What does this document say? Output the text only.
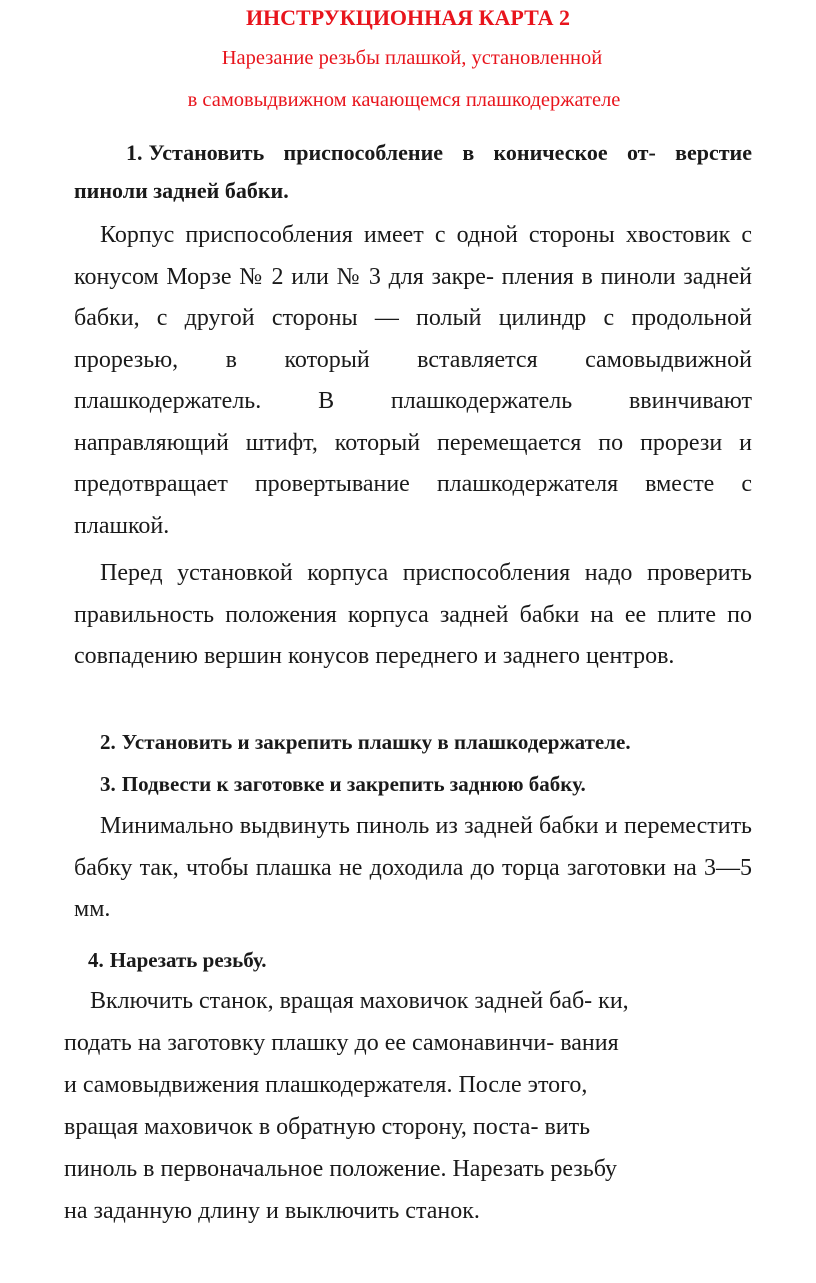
ИНСТРУКЦИОННАЯ КАРТА 2
Нарезание резьбы плашкой, установленной
в самовыдвижном качающемся плашкодержателе
1. Установить приспособление в коническое от- верстие пиноли задней бабки.
Корпус приспособления имеет с одной стороны хвостовик с конусом Морзе № 2 или № 3 для закре- пления в пиноли задней бабки, с другой стороны — полый цилиндр с продольной прорезью, в который вставляется самовыдвижной плашкодержатель. В плашкодержатель ввинчивают направляющий штифт, который перемещается по прорези и предотвращает провертывание плашкодержателя вместе с плашкой.
Перед установкой корпуса приспособления надо проверить правильность положения корпуса задней бабки на ее плите по совпадению вершин конусов переднего и заднего центров.
2. Установить и закрепить плашку в плашкодержателе.
3. Подвести к заготовке и закрепить заднюю бабку.
Минимально выдвинуть пиноль из задней бабки и переместить бабку так, чтобы плашка не доходила до торца заготовки на 3—5 мм.
4. Нарезать резьбу.
Включить станок, вращая маховичок задней баб- ки,
подать на заготовку плашку до ее самонавинчи- вания
и самовыдвижения плашкодержателя. После этого,
вращая маховичок в обратную сторону, поста- вить
пиноль в первоначальное положение. Нарезать резьбу
на заданную длину и выключить станок.
